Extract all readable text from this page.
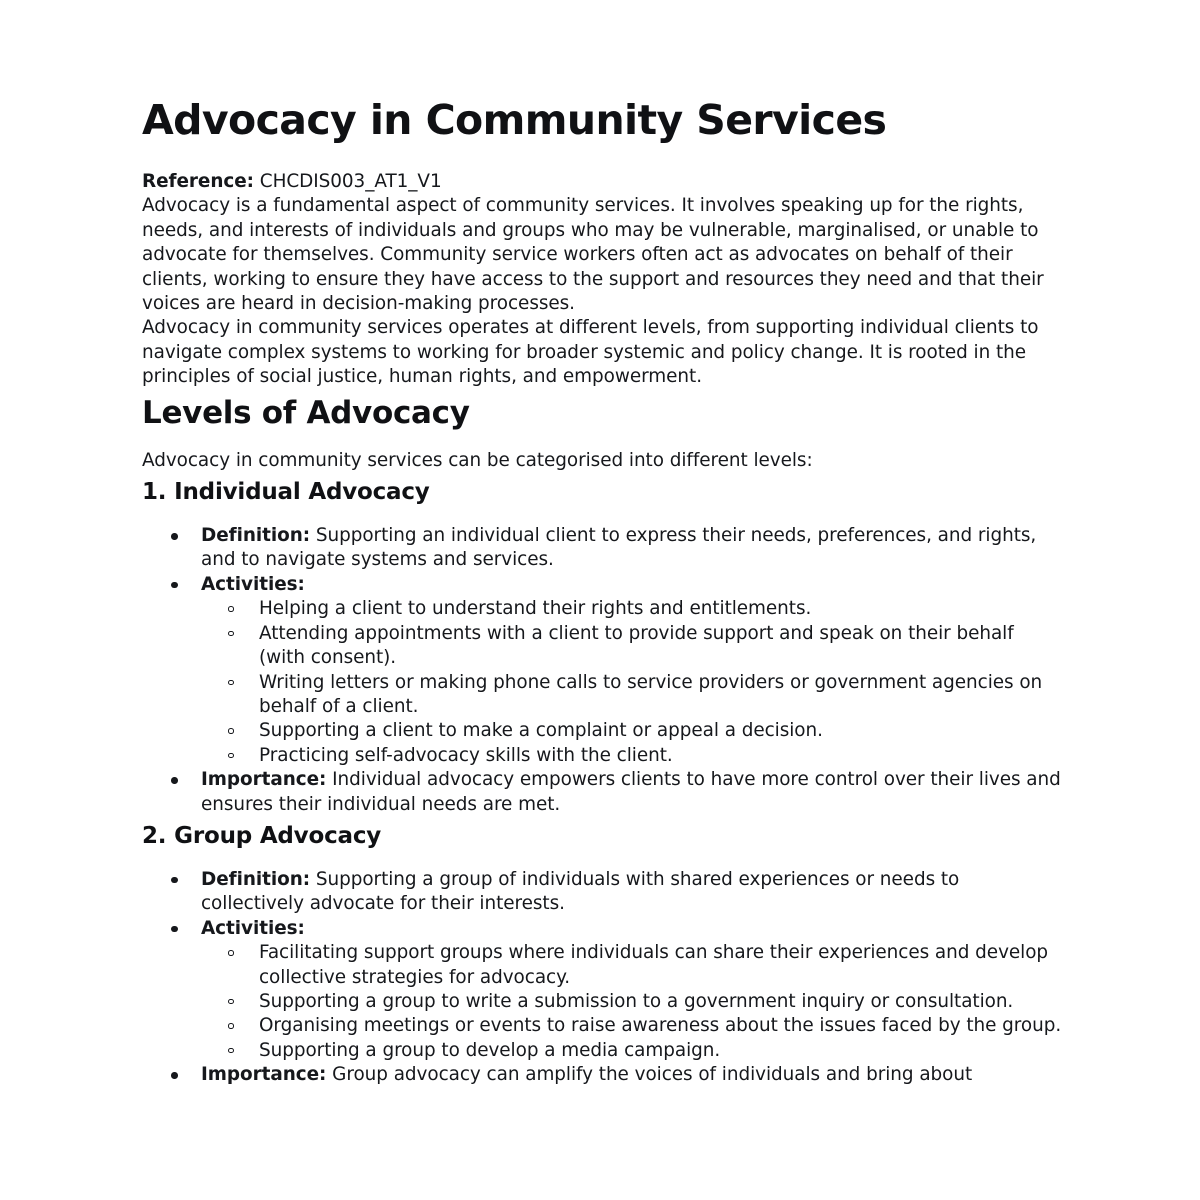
Advocacy in Community Services

Reference: CHCDIS003_AT1_V1

Advocacy is a fundamental aspect of community services. It involves speaking up for the rights, needs, and interests of individuals and groups who may be vulnerable, marginalised, or unable to advocate for themselves. Community service workers often act as advocates on behalf of their clients, working to ensure they have access to the support and resources they need and that their voices are heard in decision-making processes.

Advocacy in community services operates at different levels, from supporting individual clients to navigate complex systems to working for broader systemic and policy change. It is rooted in the principles of social justice, human rights, and empowerment.

Levels of Advocacy

Advocacy in community services can be categorised into different levels:

1. Individual Advocacy
Definition: Supporting an individual client to express their needs, preferences, and rights, and to navigate systems and services.
Activities:
Helping a client to understand their rights and entitlements.
Attending appointments with a client to provide support and speak on their behalf (with consent).
Writing letters or making phone calls to service providers or government agencies on behalf of a client.
Supporting a client to make a complaint or appeal a decision.
Practicing self-advocacy skills with the client.
Importance: Individual advocacy empowers clients to have more control over their lives and ensures their individual needs are met.
2. Group Advocacy
Definition: Supporting a group of individuals with shared experiences or needs to collectively advocate for their interests.
Activities:
Facilitating support groups where individuals can share their experiences and develop collective strategies for advocacy.
Supporting a group to write a submission to a government inquiry or consultation.
Organising meetings or events to raise awareness about the issues faced by the group.
Supporting a group to develop a media campaign.
Importance: Group advocacy can amplify the voices of individuals and bring about
